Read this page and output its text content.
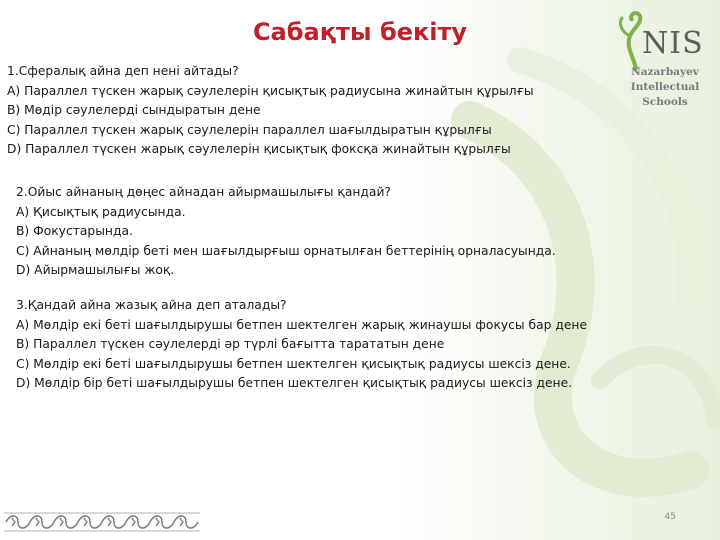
Сабақты бекіту	NIS
Nazarbayev
Intellectual
Schools
1.Сфералық айна деп нені айтады?
А) Параллел түскен жарық сәулелерін қисықтық радиусына жинайтын құрылғы
В) Мөдір сәулелерді сындыратын дене
С) Параллел түскен жарық сәулелерін параллел шағылдыратын құрылғы
D) Параллел түскен жарық сәулелерін қисықтық фоксқа жинайтын құрылғы
2.Ойыс айнаның дөңес айнадан айырмашылығы қандай?
А) Қисықтық радиусында.
В) Фокустарында.
С) Айнаның мөлдір беті мен шағылдырғыш орнатылған беттерінің орналасуында.
D) Айырмашылығы жоқ.
3.Қандай айна жазық айна деп аталады?
А) Мөлдір екі беті шағылдырушы бетпен шектелген жарық жинаушы фокусы бар дене
В) Параллел түскен сәулелерді әр түрлі бағытта тарататын дене
С) Мөлдір екі беті шағылдырушы бетпен шектелген қисықтық радиусы шексіз дене.
D) Мөлдір бір беті шағылдырушы бетпен шектелген қисықтық радиусы шексіз дене.
45
